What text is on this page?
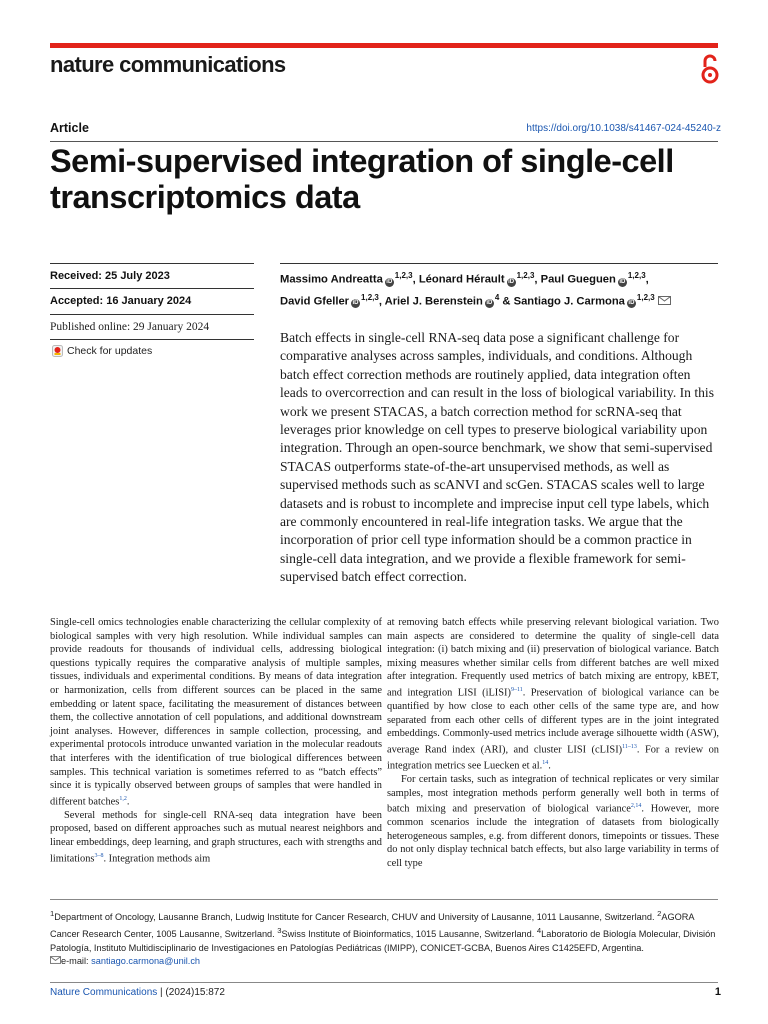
nature communications
Article	https://doi.org/10.1038/s41467-024-45240-z
Semi-supervised integration of single-cell transcriptomics data
Received: 25 July 2023
Accepted: 16 January 2024
Published online: 29 January 2024
Check for updates
Massimo Andreatta iD$^{1,2,3}$, Léonard Hérault iD$^{1,2,3}$, Paul Gueguen iD$^{1,2,3}$,
David Gfeller iD$^{1,2,3}$, Ariel J. Berenstein $iD^4$ & Santiago J. Carmona iD$^{1,2,3}$

Batch effects in single-cell RNA-seq data pose a significant challenge for comparative analyses across samples, individuals, and conditions. Although batch effect correction methods are routinely applied, data integration often leads to overcorrection and can result in the loss of biological variability. In this work we present STACAS, a batch correction method for scRNA-seq that leverages prior knowledge on cell types to preserve biological variability upon integration. Through an open-source benchmark, we show that semi-supervised STACAS outperforms state-of-the-art unsupervised methods, as well as supervised methods such as scANVI and scGen. STACAS scales well to large datasets and is robust to incomplete and imprecise input cell type labels, which are commonly encountered in real-life integration tasks. We argue that the incorporation of prior cell type information should be a common practice in single-cell data integration, and we provide a flexible framework for semi-supervised batch effect correction.

Single-cell omics technologies enable characterizing the cellular complexity of biological samples with very high resolution. While individual samples can provide readouts for thousands of individual cells, addressing biological questions typically requires the comparative analysis of multiple samples, tissues, individuals and experimental conditions. By means of data integration or harmonization, cells from different sources can be placed in the same embedding or latent space, facilitating the measurement of distances between them, the collective annotation of cell populations, and additional downstream joint analyses. However, differences in sample collection, processing, and experimental protocols introduce unwanted variation in the molecular readouts that interferes with the identification of true biological differences between samples. This technical variation is sometimes referred to as “batch effects” since it is typically observed between groups of samples that were handled in different batches$^{1,2}$.

Several methods for single-cell RNA-seq data integration have been proposed, based on different approaches such as mutual nearest neighbors and linear embeddings, deep learning, and graph structures, each with strengths and limitations$^{3-8}$. Integration methods aim

at removing batch effects while preserving relevant biological variation. Two main aspects are considered to determine the quality of single-cell data integration: (i) batch mixing and (ii) preservation of biological variance. Batch mixing measures whether similar cells from different batches are well mixed after integration. Frequently used metrics of batch mixing are entropy, kBET, and integration LISI (iLISI)$^{9-11}$. Preservation of biological variance can be quantified by how close to each other cells of the same type are, and how separated from each other cells of different types are in the joint integrated embeddings. Commonly-used metrics include average silhouette width (ASW), average Rand index (ARI), and cluster LISI (cLISI)$^{11-13}$. For a review on integration metrics see Luecken et al.$^{14}$.

For certain tasks, such as integration of technical replicates or very similar samples, most integration methods perform generally well both in terms of batch mixing and preservation of biological variance$^{2,14}$. However, more common scenarios include the integration of datasets from biologically heterogeneous samples, e.g. from different donors, timepoints or tissues. These do not only display technical batch effects, but also large variability in terms of cell type

$^1$Department of Oncology, Lausanne Branch, Ludwig Institute for Cancer Research, CHUV and University of Lausanne, 1011 Lausanne, Switzerland. $^2$AGORA Cancer Research Center, 1005 Lausanne, Switzerland. $^3$Swiss Institute of Bioinformatics, 1015 Lausanne, Switzerland. $^4$Laboratorio de Biología Molecular, División Patología, Instituto Multidisciplinario de Investigaciones en Patologías Pediátricas (IMIPP), CONICET-GCBA, Buenos Aires C1425EFD, Argentina.
e-mail: santiago.carmona@unil.ch

Nature Communications | (2024)15:872	1
